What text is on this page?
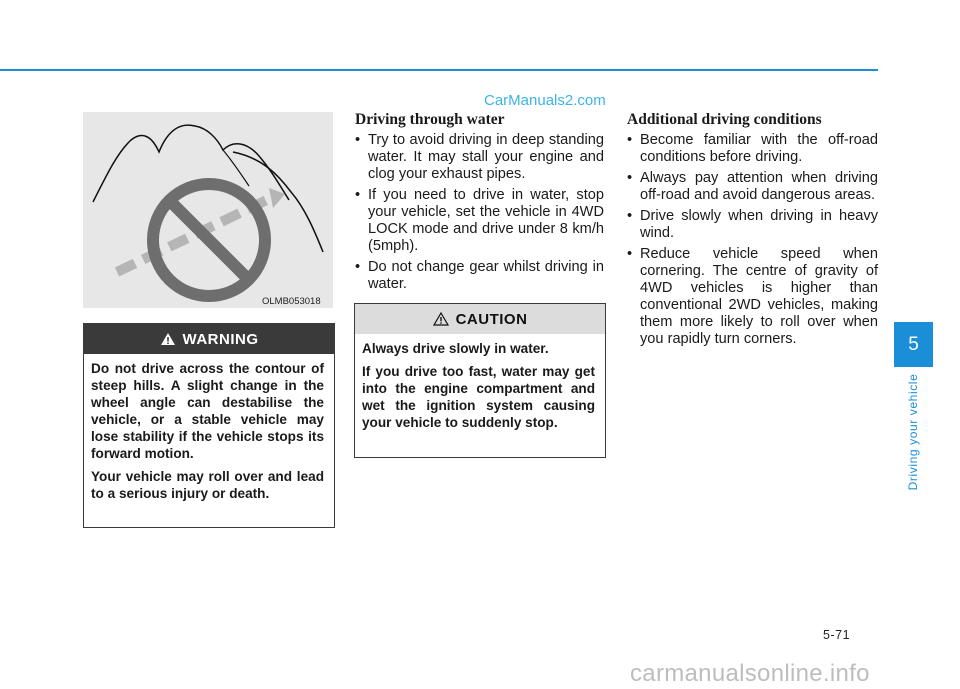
CarManuals2.com
OLMB053018
WARNING

Do not drive across the contour of steep hills. A slight change in the wheel angle can destabilise the vehicle, or a stable vehicle may lose stability if the vehicle stops its forward motion.

Your vehicle may roll over and lead to a serious injury or death.

Driving through water
• Try to avoid driving in deep standing water. It may stall your engine and clog your exhaust pipes.
• If you need to drive in water, stop your vehicle, set the vehicle in 4WD LOCK mode and drive under 8 km/h (5mph).
• Do not change gear whilst driving in water.
CAUTION

Always drive slowly in water.

If you drive too fast, water may get into the engine compartment and wet the ignition system causing your vehicle to suddenly stop.

Additional driving conditions
• Become familiar with the off-road conditions before driving.
• Always pay attention when driving off-road and avoid dangerous areas.
• Drive slowly when driving in heavy wind.
• Reduce vehicle speed when cornering. The centre of gravity of 4WD vehicles is higher than conventional 2WD vehicles, making them more likely to roll over when you rapidly turn corners.	5
Driving your vehicle
5-71
carmanualsonline.info
